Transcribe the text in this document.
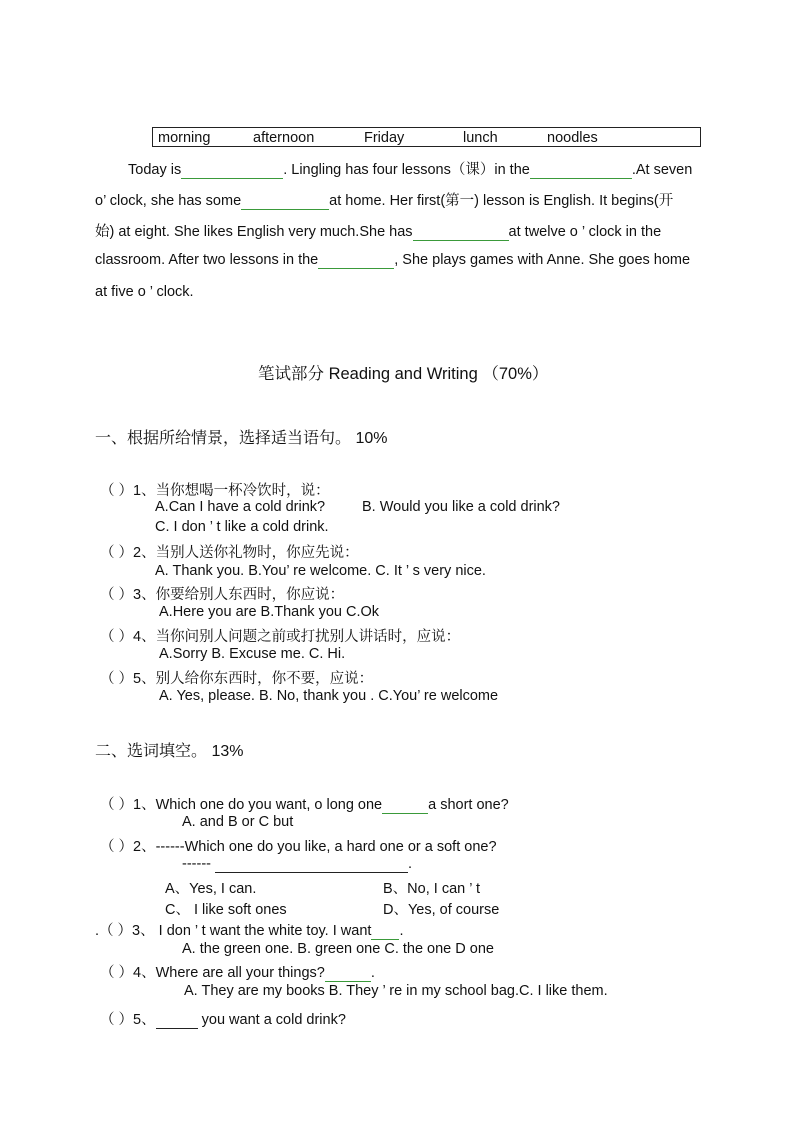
morning	afternoon	Friday	lunch	noodles
Today is	. Lingling has four lessons（课）in the	.At seven
o’ clock, she has some	at home. Her first(第一) lesson is English. It begins(开
始) at eight. She likes English very much.She has	at twelve o ’ clock in the
classroom. After two lessons in the	, She plays games with Anne. She goes home
at five o ’ clock.
笔试部分 Reading and Writing （70%）
一、根据所给情景，选择适当语句。 10%
（ ）1、当你想喝一杯冷饮时，说：
A.Can I have a cold drink?	B. Would you like a cold drink?
C. I don ’ t like a cold drink.
（ ）2、当别人送你礼物时，你应先说：
A. Thank you. B.You’ re welcome. C. It ’ s very nice.
（ ）3、你要给别人东西时，你应说：
A.Here you are B.Thank you C.Ok
（ ）4、当你问别人问题之前或打扰别人讲话时，应说：
A.Sorry B. Excuse me. C. Hi.
（ ）5、别人给你东西时，你不要，应说：
A. Yes, please. B. No, thank you . C.You’ re welcome
二、选词填空。 13%
（ ）1、Which one do you want, o long one	a short one?
A. and B or C but
（ ）2、------Which one do you like, a hard one or a soft one?
------	.
A、Yes, I can.	B、No, I can ’ t
C、 I like soft ones	D、Yes, of course
.（ ）3、 I don ’ t want the white toy. I want .
A. the green one. B. green one C. the one D one
（ ）4、Where are all your things?	.
A. They are my books B. They ’ re in my school bag.C. I like them.
（ ）5、	you want a cold drink?
